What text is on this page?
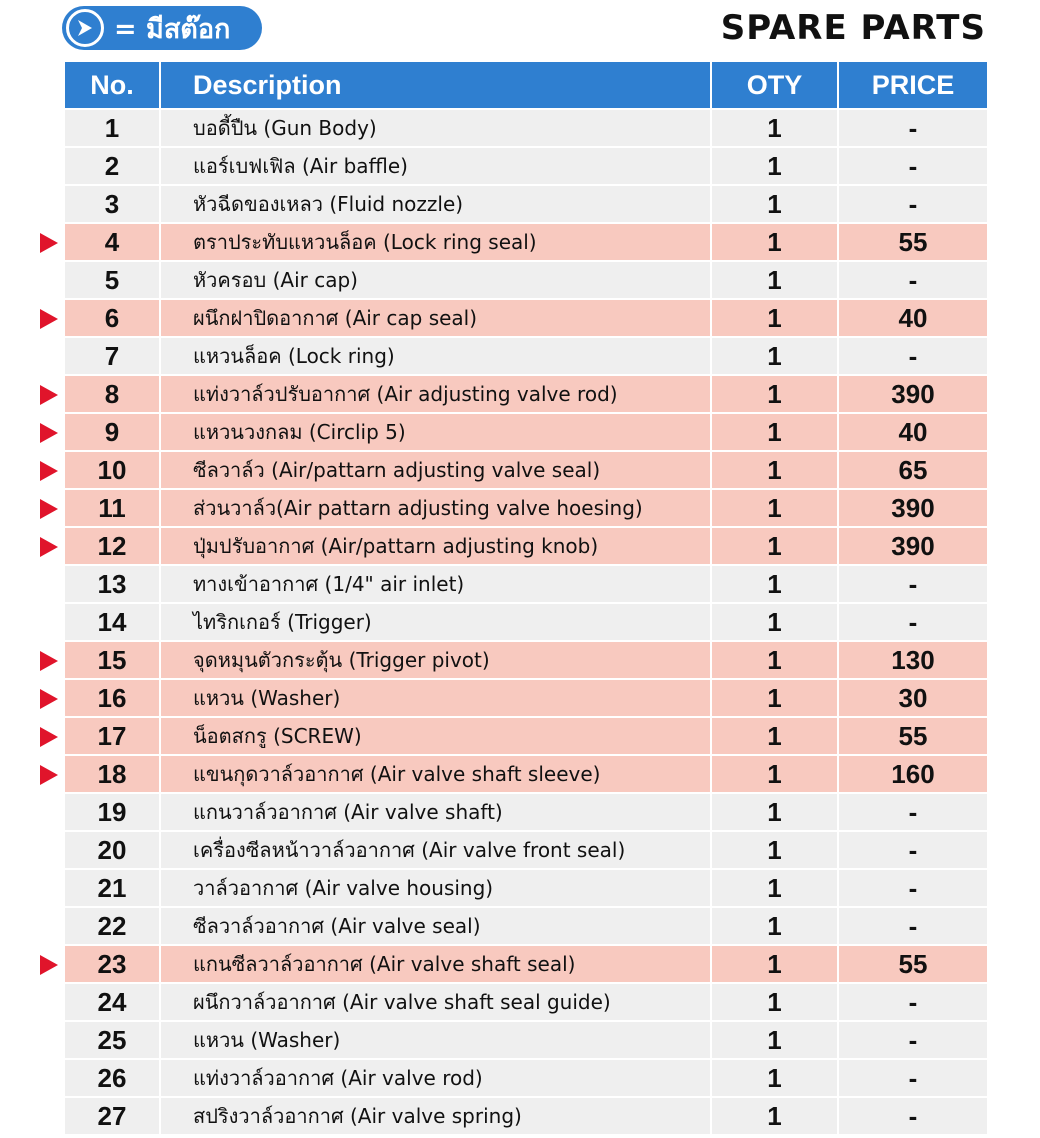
= มีสต๊อก	SPARE PARTS
No.	Description	OTY	PRICE
1	บอดี้ปืน (Gun Body)	1	-
2	แอร์เบฟเฟิล (Air baffle)	1	-
3	หัวฉีดของเหลว (Fluid nozzle)	1	-
4	ตราประทับแหวนล็อค (Lock ring seal)	1	55
5	หัวครอบ (Air cap)	1	-
6	ผนึกฝาปิดอากาศ (Air cap seal)	1	40
7	แหวนล็อค (Lock ring)	1	-
8	แท่งวาล์วปรับอากาศ (Air adjusting valve rod)	1	390
9	แหวนวงกลม (Circlip 5)	1	40
10	ซีลวาล์ว (Air/pattarn adjusting valve seal)	1	65
11	ส่วนวาล์ว(Air pattarn adjusting valve hoesing)	1	390
12	ปุ่มปรับอากาศ (Air/pattarn adjusting knob)	1	390
13	ทางเข้าอากาศ (1/4" air inlet)	1	-
14	ไทริกเกอร์ (Trigger)	1	-
15	จุดหมุนตัวกระตุ้น (Trigger pivot)	1	130
16	แหวน (Washer)	1	30
17	น็อตสกรู (SCREW)	1	55
18	แขนกุดวาล์วอากาศ (Air valve shaft sleeve)	1	160
19	แกนวาล์วอากาศ (Air valve shaft)	1	-
20	เครื่องซีลหน้าวาล์วอากาศ (Air valve front seal)	1	-
21	วาล์วอากาศ (Air valve housing)	1	-
22	ซีลวาล์วอากาศ (Air valve seal)	1	-
23	แกนซีลวาล์วอากาศ (Air valve shaft seal)	1	55
24	ผนึกวาล์วอากาศ (Air valve shaft seal guide)	1	-
25	แหวน (Washer)	1	-
26	แท่งวาล์วอากาศ (Air valve rod)	1	-
27	สปริงวาล์วอากาศ (Air valve spring)	1	-
